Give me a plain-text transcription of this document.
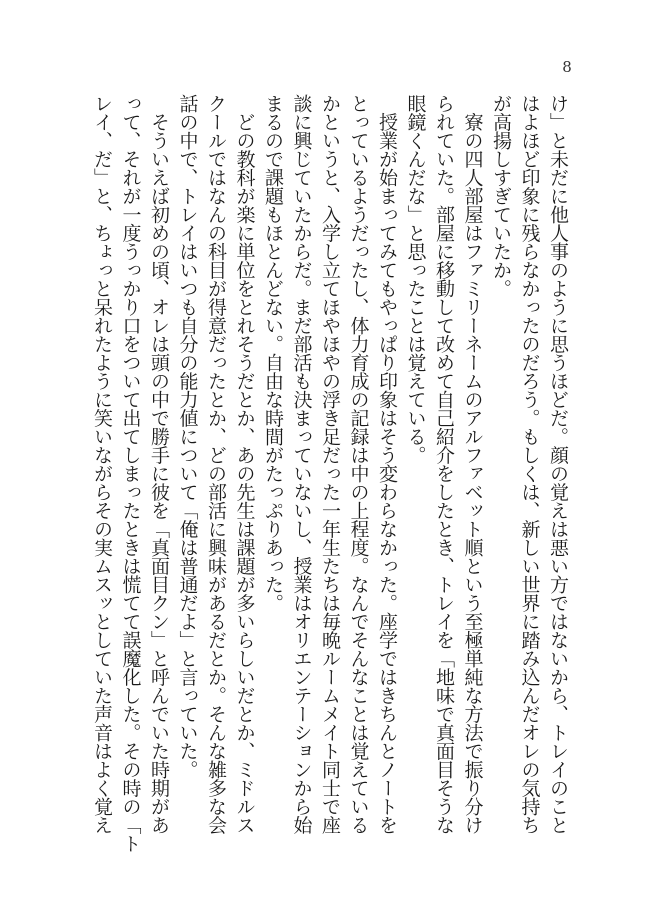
8
け」と未だに他人事のように思うほどだ。顔の覚えは悪い方ではないから、トレイのこと
はよほど印象に残らなかったのだろう。もしくは、新しい世界に踏み込んだオレの気持ち
が高揚しすぎていたか。
　寮の四人部屋はファミリーネームのアルファベット順という至極単純な方法で振り分け
られていた。部屋に移動して改めて自己紹介をしたとき、トレイを「地味で真面目そうな
眼鏡くんだな」と思ったことは覚えている。
　授業が始まってみてもやっぱり印象はそう変わらなかった。座学ではきちんとノートを
とっているようだったし、体力育成の記録は中の上程度。なんでそんなことは覚えている
かというと、入学し立てほやほやの浮き足だった一年生たちは毎晩ルームメイト同士で座
談に興じていたからだ。まだ部活も決まっていないし、授業はオリエンテーションから始
まるので課題もほとんどない。自由な時間がたっぷりあった。
　どの教科が楽に単位をとれそうだとか、あの先生は課題が多いらしいだとか、ミドルス
クールではなんの科目が得意だったとか、どの部活に興味があるだとか。そんな雑多な会
話の中で、トレイはいつも自分の能力値について「俺は普通だよ」と言っていた。
　そういえば初めの頃、オレは頭の中で勝手に彼を「真面目クン」と呼んでいた時期があ
って、それが一度うっかり口をついて出てしまったときは慌てて誤魔化した。その時の「ト
レイ、だ」と、ちょっと呆れたように笑いながらその実ムスッとしていた声音はよく覚え
